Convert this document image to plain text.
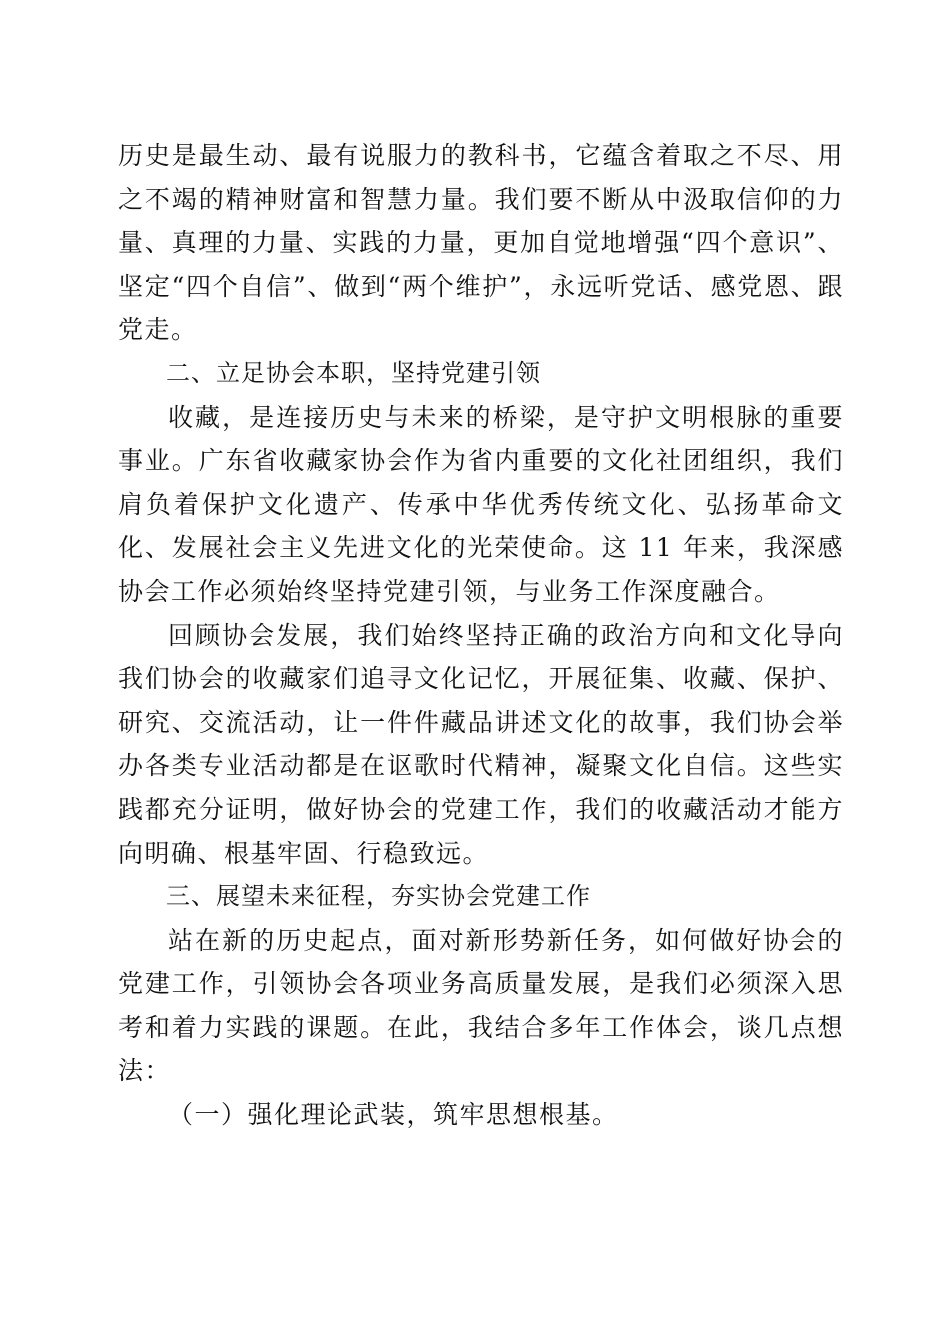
历史是最生动、最有说服力的教科书，它蕴含着取之不尽、用之不竭的精神财富和智慧力量。我们要不断从中汲取信仰的力量、真理的力量、实践的力量，更加自觉地增强“四个意识”、坚定“四个自信”、做到“两个维护”，永远听党话、感党恩、跟党走。

二、立足协会本职，坚持党建引领

收藏，是连接历史与未来的桥梁，是守护文明根脉的重要事业。广东省收藏家协会作为省内重要的文化社团组织，我们肩负着保护文化遗产、传承中华优秀传统文化、弘扬革命文化、发展社会主义先进文化的光荣使命。这 11 年来，我深感协会工作必须始终坚持党建引领，与业务工作深度融合。

回顾协会发展，我们始终坚持正确的政治方向和文化导向我们协会的收藏家们追寻文化记忆，开展征集、收藏、保护、研究、交流活动，让一件件藏品讲述文化的故事，我们协会举办各类专业活动都是在讴歌时代精神，凝聚文化自信。这些实践都充分证明，做好协会的党建工作，我们的收藏活动才能方向明确、根基牢固、行稳致远。

三、展望未来征程，夯实协会党建工作

站在新的历史起点，面对新形势新任务，如何做好协会的党建工作，引领协会各项业务高质量发展，是我们必须深入思考和着力实践的课题。在此，我结合多年工作体会，谈几点想法：

（一）强化理论武装，筑牢思想根基。
